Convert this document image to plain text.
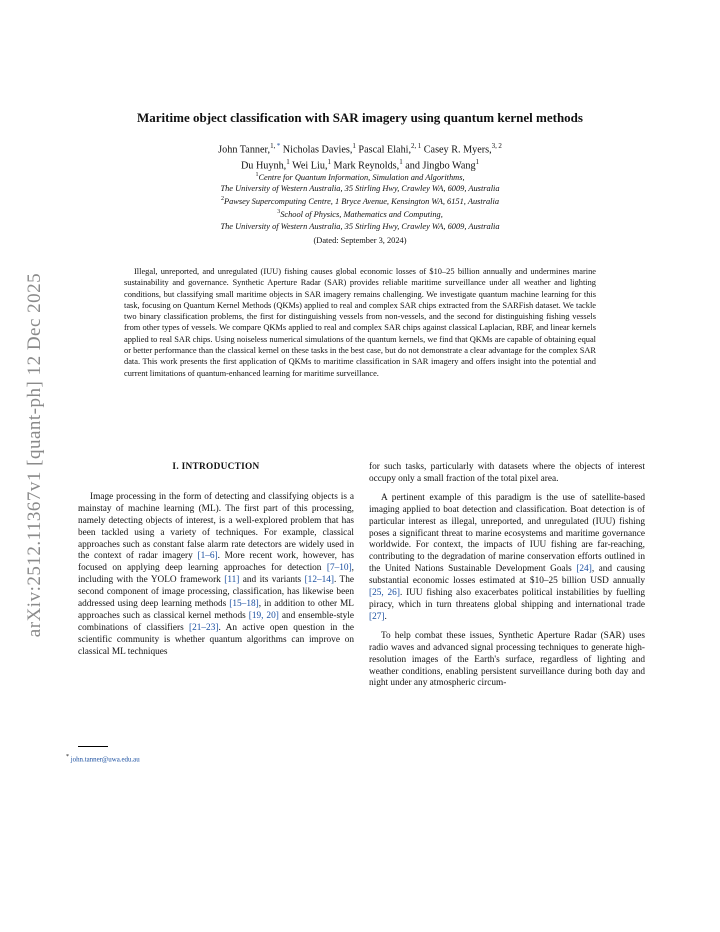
arXiv:2512.11367v1 [quant-ph] 12 Dec 2025
Maritime object classification with SAR imagery using quantum kernel methods
John Tanner,$^{1,}$ * Nicholas Davies,$^1$ Pascal Elahi,$^{2, 1}$ Casey R. Myers,$^{3, 2}$
Du Huynh,$^1$ Wei Liu,$^1$ Mark Reynolds,$^1$ and Jingbo Wang$^1$
$^1$Centre for Quantum Information, Simulation and Algorithms,
The University of Western Australia, 35 Stirling Hwy, Crawley WA, 6009, Australia
$^2$Pawsey Supercomputing Centre, 1 Bryce Avenue, Kensington WA, 6151, Australia
$^3$School of Physics, Mathematics and Computing,
The University of Western Australia, 35 Stirling Hwy, Crawley WA, 6009, Australia
(Dated: September 3, 2024)

Illegal, unreported, and unregulated (IUU) fishing causes global economic losses of $10–25 billion annually and undermines marine sustainability and governance. Synthetic Aperture Radar (SAR) provides reliable maritime surveillance under all weather and lighting conditions, but classifying small maritime objects in SAR imagery remains challenging. We investigate quantum machine learning for this task, focusing on Quantum Kernel Methods (QKMs) applied to real and complex SAR chips extracted from the SARFish dataset. We tackle two binary classification problems, the first for distinguishing vessels from non-vessels, and the second for distinguishing fishing vessels from other types of vessels. We compare QKMs applied to real and complex SAR chips against classical Laplacian, RBF, and linear kernels applied to real SAR chips. Using noiseless numerical simulations of the quantum kernels, we find that QKMs are capable of obtaining equal or better performance than the classical kernel on these tasks in the best case, but do not demonstrate a clear advantage for the complex SAR data. This work presents the first application of QKMs to maritime classification in SAR imagery and offers insight into the potential and current limitations of quantum-enhanced learning for maritime surveillance.

I. INTRODUCTION

Image processing in the form of detecting and classifying objects is a mainstay of machine learning (ML). The first part of this processing, namely detecting objects of interest, is a well-explored problem that has been tackled using a variety of techniques. For example, classical approaches such as constant false alarm rate detectors are widely used in the context of radar imagery [1–6]. More recent work, however, has focused on applying deep learning approaches for detection [7–10], including with the YOLO framework [11] and its variants [12–14]. The second component of image processing, classification, has likewise been addressed using deep learning methods [15–18], in addition to other ML approaches such as classical kernel methods [19, 20] and ensemble-style combinations of classifiers [21–23]. An active open question in the scientific community is whether quantum algorithms can improve on classical ML techniques

for such tasks, particularly with datasets where the objects of interest occupy only a small fraction of the total pixel area.

A pertinent example of this paradigm is the use of satellite-based imaging applied to boat detection and classification. Boat detection is of particular interest as illegal, unreported, and unregulated (IUU) fishing poses a significant threat to marine ecosystems and maritime governance worldwide. For context, the impacts of IUU fishing are far-reaching, contributing to the degradation of marine conservation efforts outlined in the United Nations Sustainable Development Goals [24], and causing substantial economic losses estimated at $10–25 billion USD annually [25, 26]. IUU fishing also exacerbates political instabilities by fuelling piracy, which in turn threatens global shipping and international trade [27].

To help combat these issues, Synthetic Aperture Radar (SAR) uses radio waves and advanced signal processing techniques to generate high-resolution images of the Earth's surface, regardless of lighting and weather conditions, enabling persistent surveillance during both day and night under any atmospheric circum-

* john.tanner@uwa.edu.au
